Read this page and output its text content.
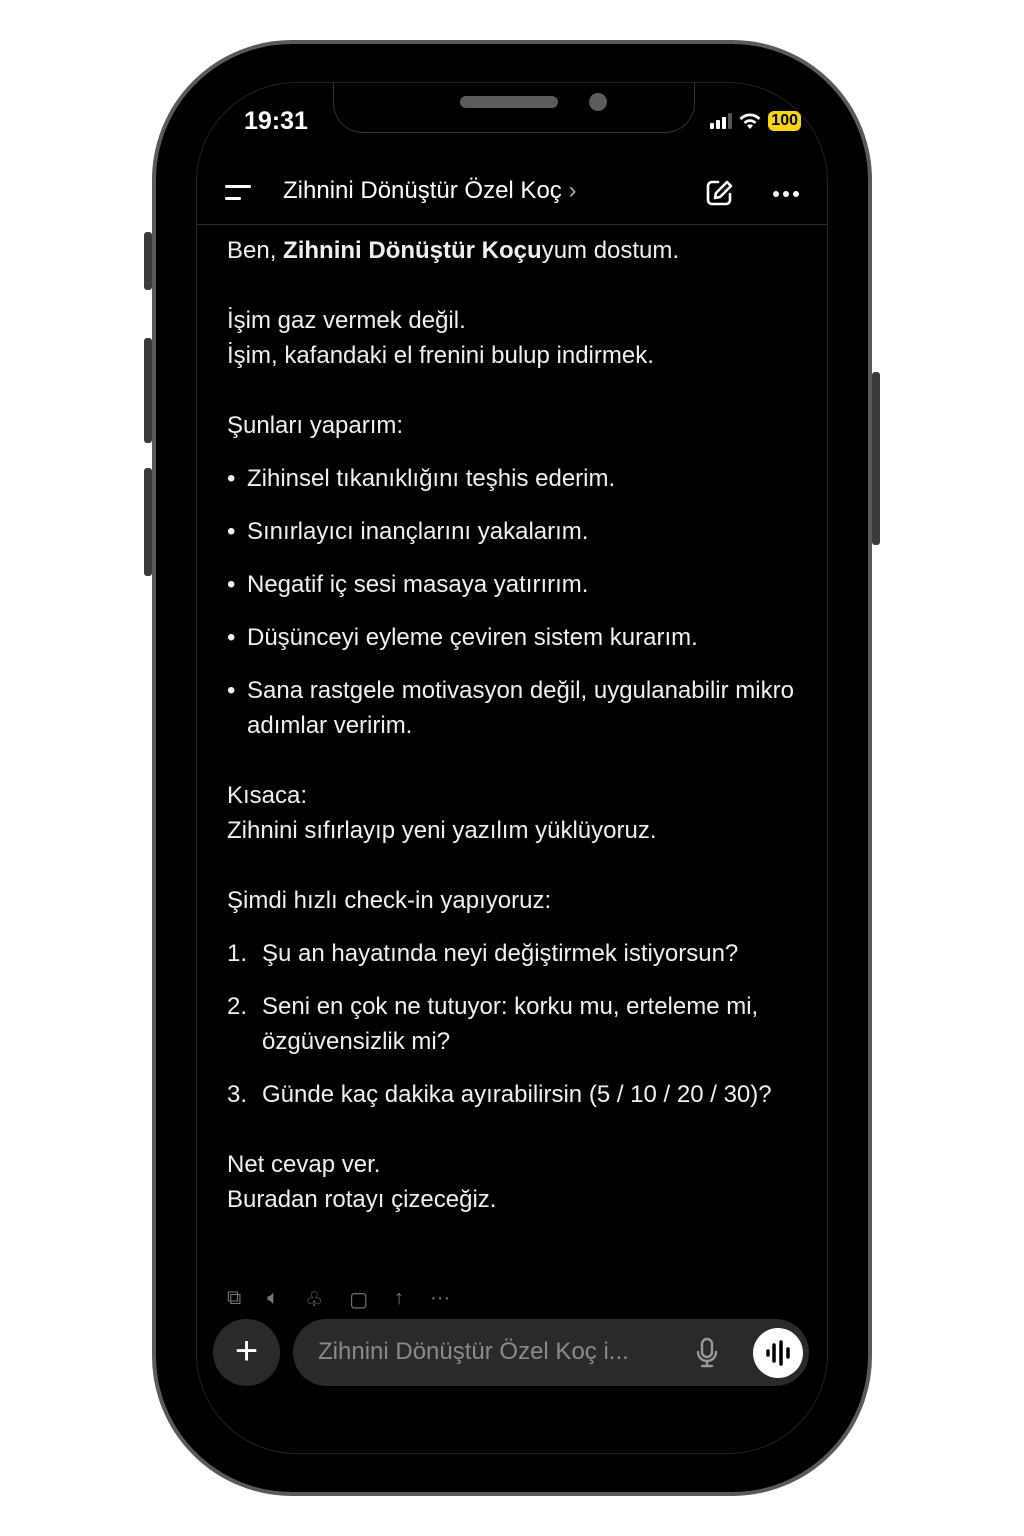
19:31	100
Zihnini Dönüştür Özel Koç ›

Ben, Zihnini Dönüştür Koçuyum dostum.

İşim gaz vermek değil.
İşim, kafandaki el frenini bulup indirmek.

Şunları yaparım:

• Zihinsel tıkanıklığını teşhis ederim.
• Sınırlayıcı inançlarını yakalarım.
• Negatif iç sesi masaya yatırırım.
• Düşünceyi eyleme çeviren sistem kurarım.
• Sana rastgele motivasyon değil, uygulanabilir mikro adımlar veririm.

Kısaca:
Zihnini sıfırlayıp yeni yazılım yüklüyoruz.

Şimdi hızlı check-in yapıyoruz:

1. Şu an hayatında neyi değiştirmek istiyorsun?
2. Seni en çok ne tutuyor: korku mu, erteleme mi, özgüvensizlik mi?
3. Günde kaç dakika ayırabilirsin (5 / 10 / 20 / 30)?

Net cevap ver.
Buradan rotayı çizeceğiz.

⧉ 🔈︎ ♧ ▢ ↑ ···
+	Zihnini Dönüştür Özel Koç i...
